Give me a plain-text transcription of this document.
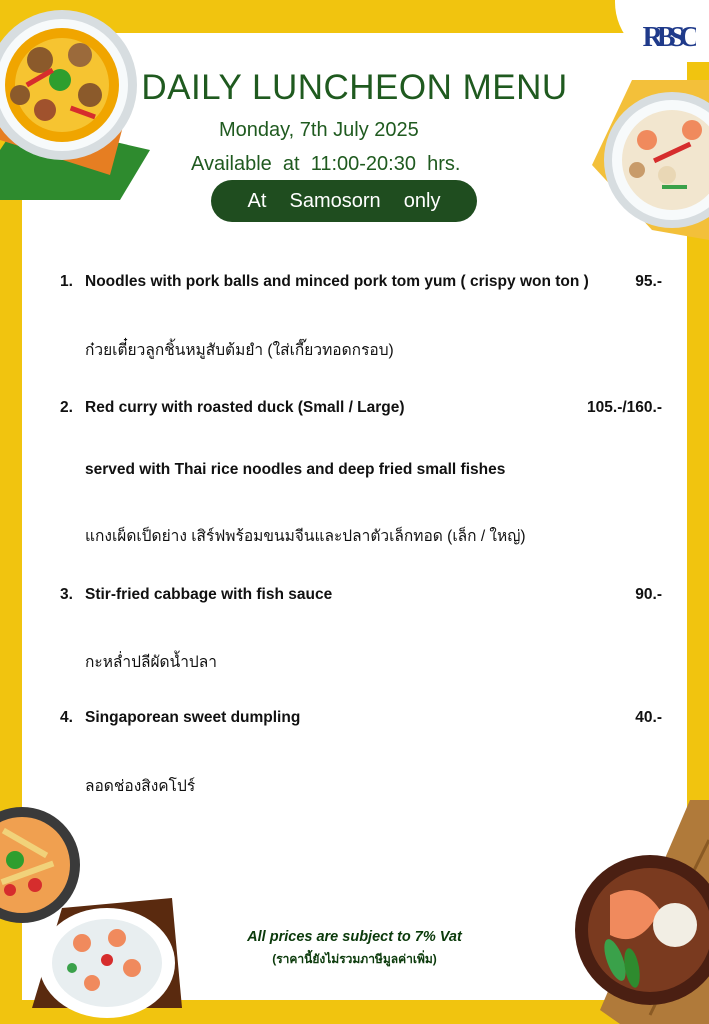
RBSC
DAILY LUNCHEON MENU
Monday, 7th July 2025
Available  at  11:00-20:30  hrs.
At  Samosorn  only
1. Noodles with pork balls and minced pork tom yum ( crispy won ton )	95.-
ก๋วยเตี๋ยวลูกชิ้นหมูสับต้มยำ (ใส่เกี๊ยวทอดกรอบ)
2. Red curry with roasted duck (Small / Large)	105.-/160.-
served with Thai rice noodles and deep fried small fishes
แกงเผ็ดเป็ดย่าง เสิร์ฟพร้อมขนมจีนและปลาตัวเล็กทอด (เล็ก / ใหญ่)
3. Stir-fried cabbage with fish sauce	90.-
กะหล่ำปลีผัดน้ำปลา
4. Singaporean sweet dumpling	40.-
ลอดช่องสิงคโปร์
All prices are subject to 7% Vat
(ราคานี้ยังไม่รวมภาษีมูลค่าเพิ่ม)
